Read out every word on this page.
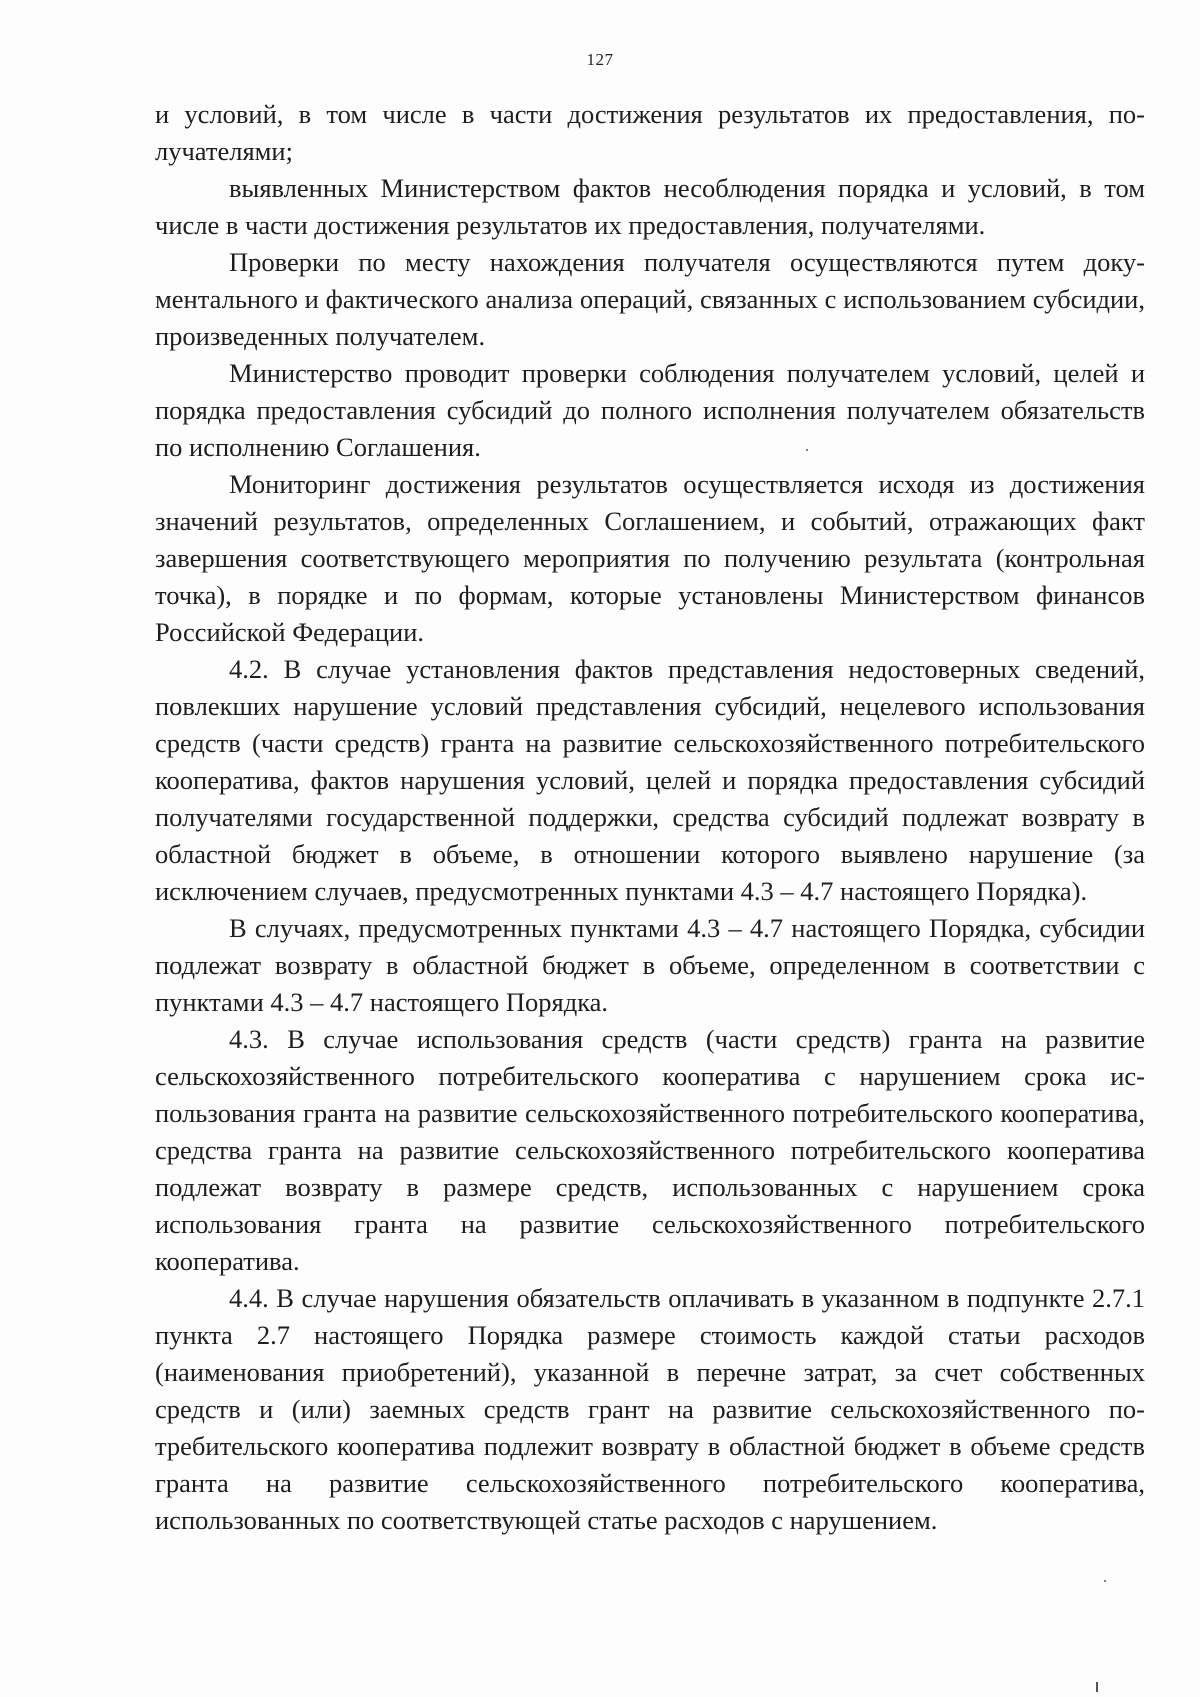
127

и условий, в том числе в части достижения результатов их предоставления, получателями;

выявленных Министерством фактов несоблюдения порядка и условий, в том числе в части достижения результатов их предоставления, получателями.

Проверки по месту нахождения получателя осуществляются путем документального и фактического анализа операций, связанных с использованием субсидии, произведенных получателем.

Министерство проводит проверки соблюдения получателем условий, целей и порядка предоставления субсидий до полного исполнения получателем обязательств по исполнению Соглашения.

Мониторинг достижения результатов осуществляется исходя из достижения значений результатов, определенных Соглашением, и событий, отражающих факт завершения соответствующего мероприятия по получению результата (контрольная точка), в порядке и по формам, которые установлены Министерством финансов Российской Федерации.

4.2. В случае установления фактов представления недостоверных сведений, повлекших нарушение условий представления субсидий, нецелевого использования средств (части средств) гранта на развитие сельскохозяйственного потребительского кооператива, фактов нарушения условий, целей и порядка предоставления субсидий получателями государственной поддержки, средства субсидий подлежат возврату в областной бюджет в объеме, в отношении которого выявлено нарушение (за исключением случаев, предусмотренных пунктами 4.3 – 4.7 настоящего Порядка).

В случаях, предусмотренных пунктами 4.3 – 4.7 настоящего Порядка, субсидии подлежат возврату в областной бюджет в объеме, определенном в соответствии с пунктами 4.3 – 4.7 настоящего Порядка.

4.3. В случае использования средств (части средств) гранта на развитие сельскохозяйственного потребительского кооператива с нарушением срока использования гранта на развитие сельскохозяйственного потребительского кооператива, средства гранта на развитие сельскохозяйственного потребительского кооператива подлежат возврату в размере средств, использованных с нарушением срока использования гранта на развитие сельскохозяйственного потребительского кооператива.

4.4. В случае нарушения обязательств оплачивать в указанном в подпункте 2.7.1 пункта 2.7 настоящего Порядка размере стоимость каждой статьи расходов (наименования приобретений), указанной в перечне затрат, за счет собственных средств и (или) заемных средств грант на развитие сельскохозяйственного потребительского кооператива подлежит возврату в областной бюджет в объеме средств гранта на развитие сельскохозяйственного потребительского кооператива, использованных по соответствующей статье расходов с нарушением.
